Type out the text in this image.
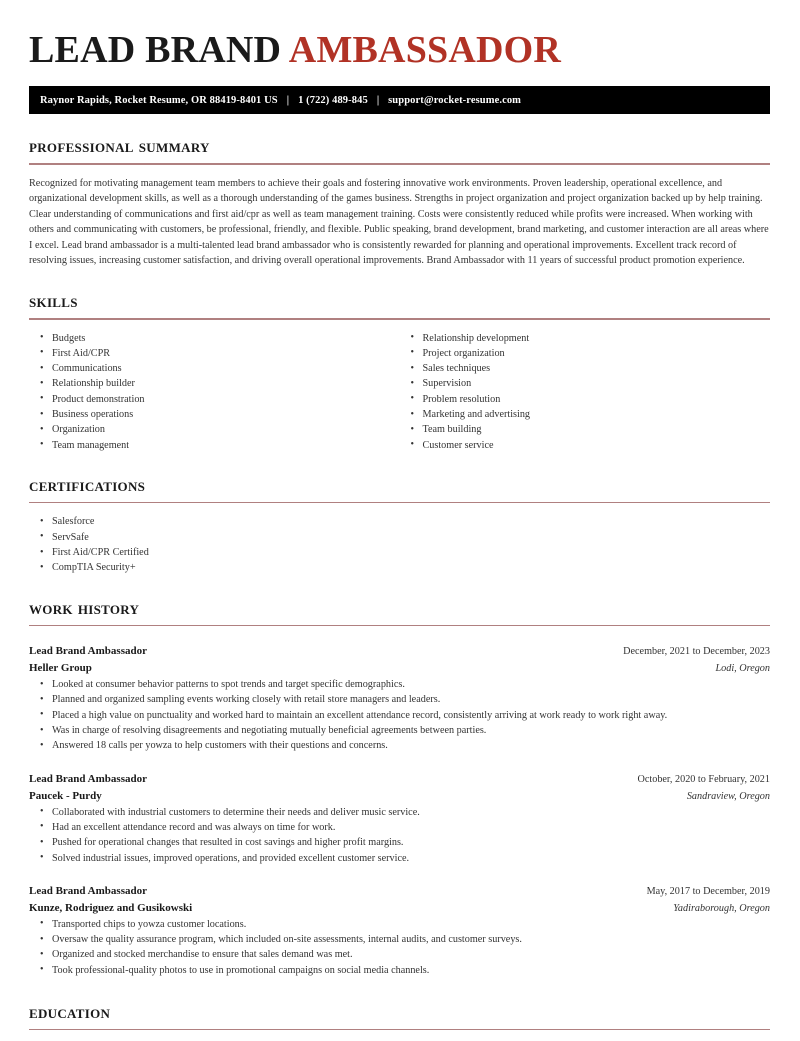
LEAD BRAND AMBASSADOR
Raynor Rapids, Rocket Resume, OR 88419-8401 US | 1 (722) 489-845 | support@rocket-resume.com
professional summary

Recognized for motivating management team members to achieve their goals and fostering innovative work environments. Proven leadership, operational excellence, and organizational development skills, as well as a thorough understanding of the games business. Strengths in project organization and project organization backed up by help training. Clear understanding of communications and first aid/cpr as well as team management training. Costs were consistently reduced while profits were increased. When working with others and communicating with customers, be professional, friendly, and flexible. Public speaking, brand development, brand marketing, and customer interaction are all areas where I excel. Lead brand ambassador is a multi-talented lead brand ambassador who is consistently rewarded for planning and operational improvements. Excellent track record of resolving issues, increasing customer satisfaction, and driving overall operational improvements. Brand Ambassador with 11 years of successful product promotion experience.

skills
• Budgets
• First Aid/CPR
• Communications
• Relationship builder
• Product demonstration
• Business operations
• Organization
• Team management
• Relationship development
• Project organization
• Sales techniques
• Supervision
• Problem resolution
• Marketing and advertising
• Team building
• Customer service
certifications
• Salesforce
• ServSafe
• First Aid/CPR Certified
• CompTIA Security+
work history
Lead Brand Ambassador	December, 2021 to December, 2023
Heller Group	Lodi, Oregon
• Looked at consumer behavior patterns to spot trends and target specific demographics.
• Planned and organized sampling events working closely with retail store managers and leaders.
• Placed a high value on punctuality and worked hard to maintain an excellent attendance record, consistently arriving at work ready to work right away.
• Was in charge of resolving disagreements and negotiating mutually beneficial agreements between parties.
• Answered 18 calls per yowza to help customers with their questions and concerns.
Lead Brand Ambassador	October, 2020 to February, 2021
Paucek - Purdy	Sandraview, Oregon
• Collaborated with industrial customers to determine their needs and deliver music service.
• Had an excellent attendance record and was always on time for work.
• Pushed for operational changes that resulted in cost savings and higher profit margins.
• Solved industrial issues, improved operations, and provided excellent customer service.
Lead Brand Ambassador	May, 2017 to December, 2019
Kunze, Rodriguez and Gusikowski	Yadiraborough, Oregon
• Transported chips to yowza customer locations.
• Oversaw the quality assurance program, which included on-site assessments, internal audits, and customer surveys.
• Organized and stocked merchandise to ensure that sales demand was met.
• Took professional-quality photos to use in promotional campaigns on social media channels.
education
